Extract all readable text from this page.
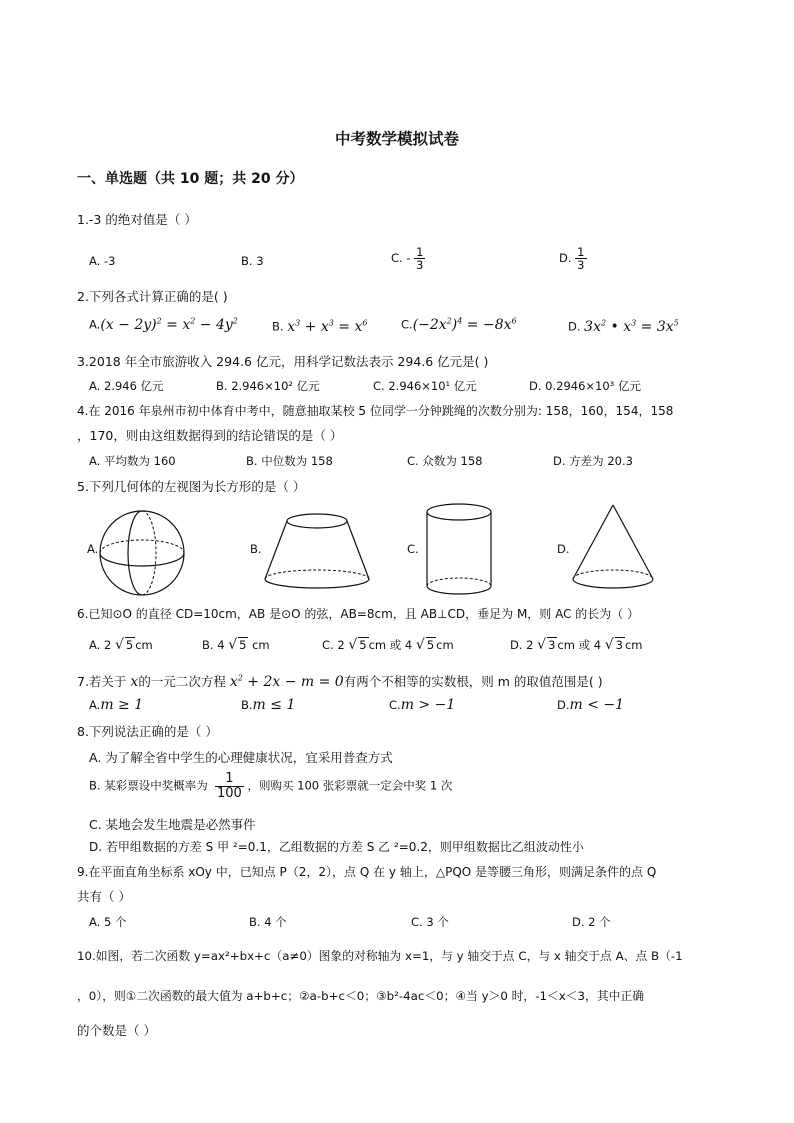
中考数学模拟试卷
一、单选题（共 10 题；共 20 分）
1.-3 的绝对值是（ ）
A. -3	B. 3	C. - $\frac{1}{3}$	D. $\frac{1}{3}$
2.下列各式计算正确的是( )
$A.(x - 2y)^2 = x^2 - 4y^2$	B. $x^3 + x^3 = x^6$	$C.(-2x^2)^4 = -8x^6$	D. $3x^2$ • $x^3 = 3x^5$
3.2018 年全市旅游收入 294.6 亿元，用科学记数法表示 294.6 亿元是( )
A. 2.946 亿元	B. 2.946×10² 亿元	C. 2.946×10¹ 亿元	D. 0.2946×10³ 亿元
4.在 2016 年泉州市初中体育中考中，随意抽取某校 5 位同学一分钟跳绳的次数分别为: 158，160，154，158
，170，则由这组数据得到的结论错误的是（ ）
A. 平均数为 160	B. 中位数为 158	C. 众数为 158	D. 方差为 20.3
5.下列几何体的左视图为长方形的是（ ）
A.	B.	C.	D.
6.已知⊙O 的直径 CD=10cm，AB 是⊙O 的弦，AB=8cm，且 AB⊥CD，垂足为 M，则 AC 的长为（ ）
A. 2 √ 5 cm	B. 4 √ 5 cm	C. 2 √ 5 cm 或 4 √ 5 cm	D. 2 √ 3 cm 或 4 √ 3 cm
7.若关于 x的一元二次方程 $x^2 + 2x - m = 0$有两个不相等的实数根，则 m 的取值范围是( )
A.m ≥ 1	B.m ≤ 1	C.m > −1	D.m < −1
8.下列说法正确的是（ ）
A. 为了解全省中学生的心理健康状况，宜采用普查方式
B. 某彩票设中奖概率为 $\frac{1}{100}$ ，则购买 100 张彩票就一定会中奖 1 次
C. 某地会发生地震是必然事件
D. 若甲组数据的方差 S 甲 ²=0.1，乙组数据的方差 S 乙 ²=0.2，则甲组数据比乙组波动性小
9.在平面直角坐标系 xOy 中，已知点 P（2，2），点 Q 在 y 轴上，△PQO 是等腰三角形，则满足条件的点 Q
共有（ ）
A. 5 个	B. 4 个	C. 3 个	D. 2 个
10.如图，若二次函数 y=ax²+bx+c（a≠0）图象的对称轴为 x=1，与 y 轴交于点 C，与 x 轴交于点 A、点 B（-1
，0），则①二次函数的最大值为 a+b+c；②a-b+c＜0；③b²-4ac＜0；④当 y＞0 时，-1＜x＜3，其中正确
的个数是（ ）
